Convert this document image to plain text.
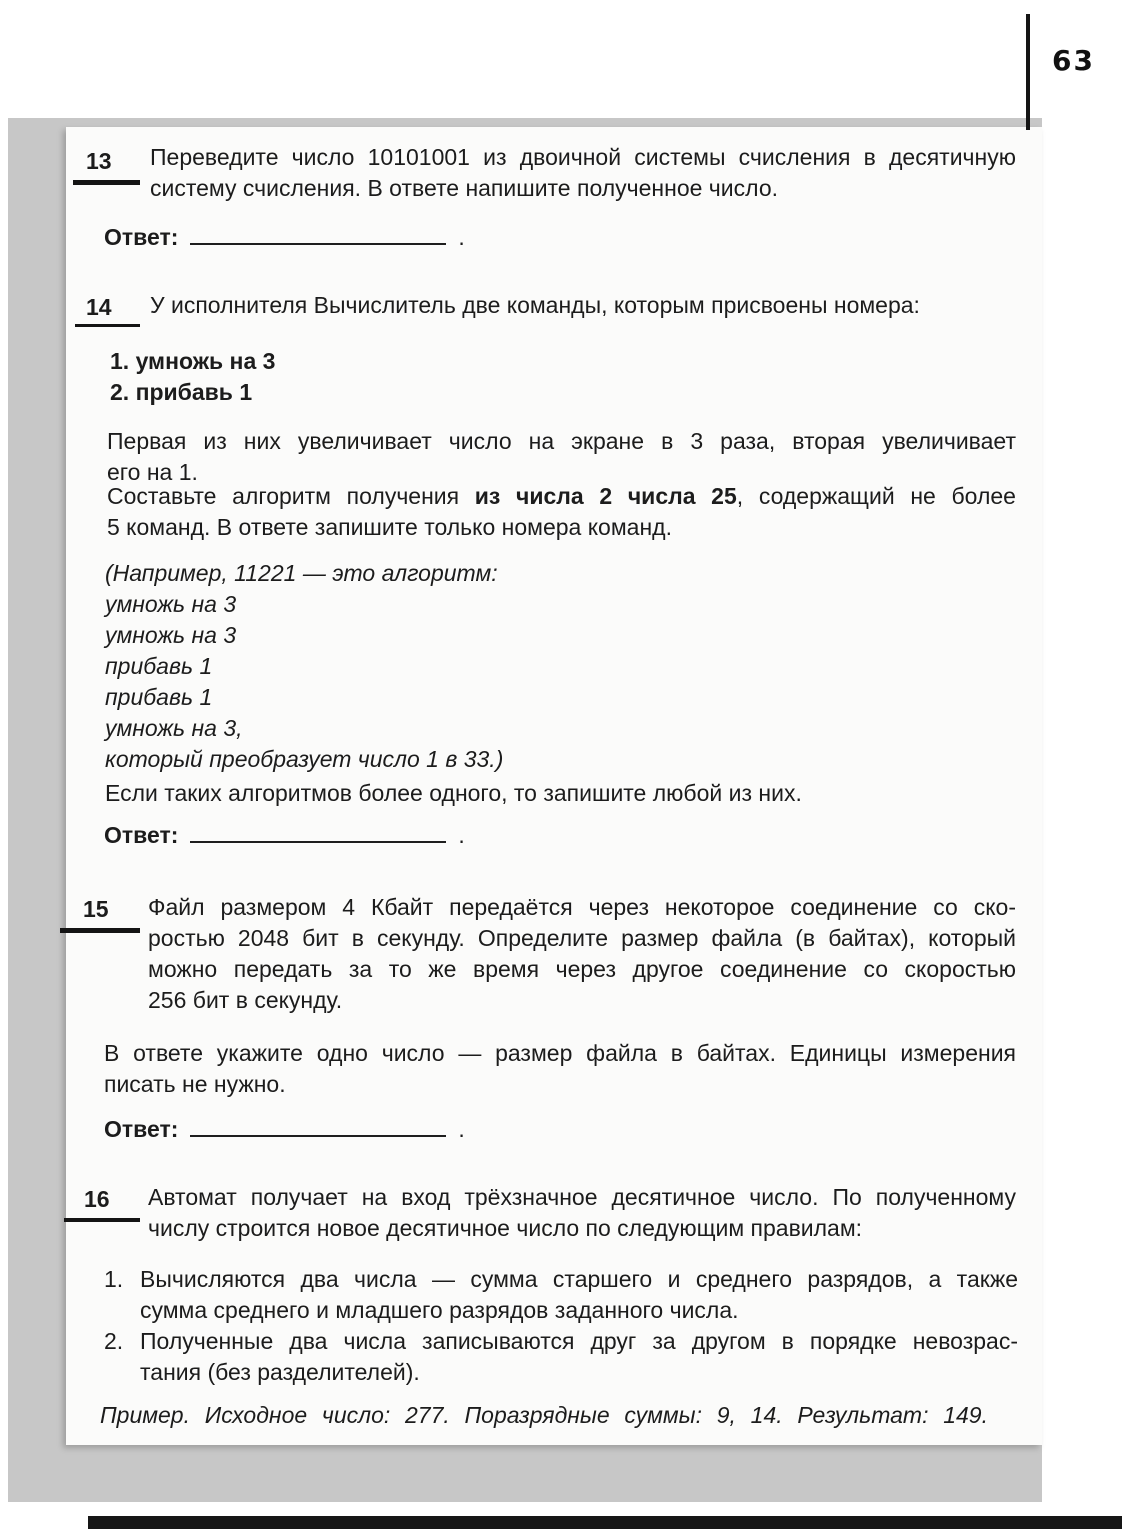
63
13 Переведите число 10101001 из двоичной системы счисления в десятичную
систему счисления. В ответе напишите полученное число.
Ответ:	.
14 У исполнителя Вычислитель две команды, которым присвоены номера:
1. умножь на 3
2. прибавь 1
Первая из них увеличивает число на экране в 3 раза, вторая увеличивает
его на 1.
Составьте алгоритм получения из числа 2 числа 25, содержащий не более
5 команд. В ответе запишите только номера команд.
(Например, 11221 — это алгоритм:
умножь на 3
умножь на 3
прибавь 1
прибавь 1
умножь на 3,
который преобразует число 1 в 33.)
Если таких алгоритмов более одного, то запишите любой из них.
Ответ:	.
15 Файл размером 4 Кбайт передаётся через некоторое соединение со ско-
ростью 2048 бит в секунду. Определите размер файла (в байтах), который
можно передать за то же время через другое соединение со скоростью
256 бит в секунду.
В ответе укажите одно число — размер файла в байтах. Единицы измерения
писать не нужно.
Ответ:	.
16 Автомат получает на вход трёхзначное десятичное число. По полученному
числу строится новое десятичное число по следующим правилам:
1. Вычисляются два числа — сумма старшего и среднего разрядов, а также
сумма среднего и младшего разрядов заданного числа.
2. Полученные два числа записываются друг за другом в порядке невозрас-
тания (без разделителей).
Пример. Исходное число: 277. Поразрядные суммы: 9, 14. Результат: 149.
